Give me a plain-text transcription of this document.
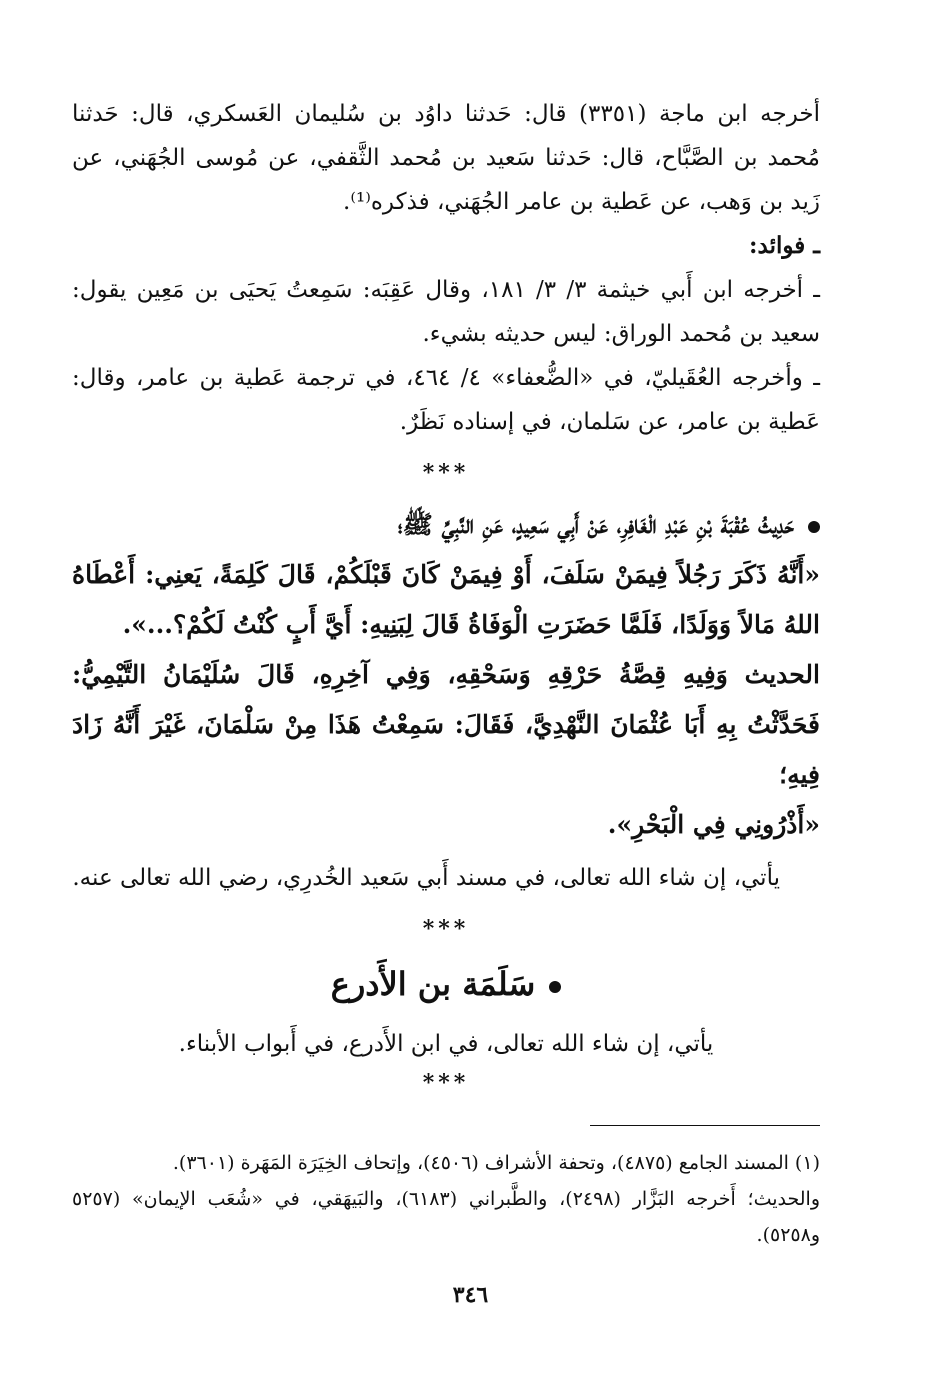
أخرجه ابن ماجة (٣٣٥١) قال: حَدثنا داوُد بن سُليمان العَسكري، قال: حَدثنا مُحمد بن الصَّبَّاح، قال: حَدثنا سَعيد بن مُحمد الثَّقفي، عن مُوسى الجُهَني، عن زَيد بن وَهب، عن عَطية بن عامر الجُهَني، فذكره⁽¹⁾.

ـ فوائد:

ـ أخرجه ابن أَبي خيثمة ٣/ ٣/ ١٨١، وقال عَقِبَه: سَمِعتُ يَحيَى بن مَعِين يقول: سعيد بن مُحمد الوراق: ليس حديثه بشيء.

ـ وأخرجه العُقَيليّ، في «الضُّعفاء» ٤/ ٤٦٤، في ترجمة عَطية بن عامر، وقال: عَطية بن عامر، عن سَلمان، في إسناده نَظَرٌ.

***

حَدِيثُ عُقْبَةَ بْنِ عَبْدِ الْغَافِرِ، عَنْ أَبِي سَعِيدٍ، عَنِ النَّبِيِّ ﷺ؛

«أَنَّهُ ذَكَرَ رَجُلاً فِيمَنْ سَلَفَ، أَوْ فِيمَنْ كَانَ قَبْلَكُمْ، قَالَ كَلِمَةً، يَعنِي: أَعْطَاهُ اللهُ مَالاً وَوَلَدًا، فَلَمَّا حَضَرَتِ الْوَفَاةُ قَالَ لِبَنِيهِ: أَيَّ أَبٍ كُنْتُ لَكُمْ؟...».

الحديث وَفِيهِ قِصَّةُ حَرْقِهِ وَسَحْقِهِ، وَفِي آخِرِهِ، قَالَ سُلَيْمَانُ التَّيْمِيُّ: فَحَدَّثْتُ بِهِ أَبَا عُثْمَانَ النَّهْدِيَّ، فَقَالَ: سَمِعْتُ هَذَا مِنْ سَلْمَانَ، غَيْرَ أَنَّهُ زَادَ فِيهِ؛

«أَذْرُونِي فِي الْبَحْرِ».

يأتي، إن شاء الله تعالى، في مسند أَبي سَعيد الخُدرِي، رضي الله تعالى عنه.

***
سَلَمَة بن الأَدرع

يأتي، إن شاء الله تعالى، في ابن الأَدرع، في أَبواب الأبناء.

***

(١) المسند الجامع (٤٨٧٥)، وتحفة الأشراف (٤٥٠٦)، وإتحاف الخِيَرَة المَهَرة (٣٦٠١).

والحديث؛ أَخرجه البَزَّار (٢٤٩٨)، والطَّبراني (٦١٨٣)، والبَيهَقي، في «شُعَب الإيمان» (٥٢٥٧ و٥٢٥٨).

٣٤٦
